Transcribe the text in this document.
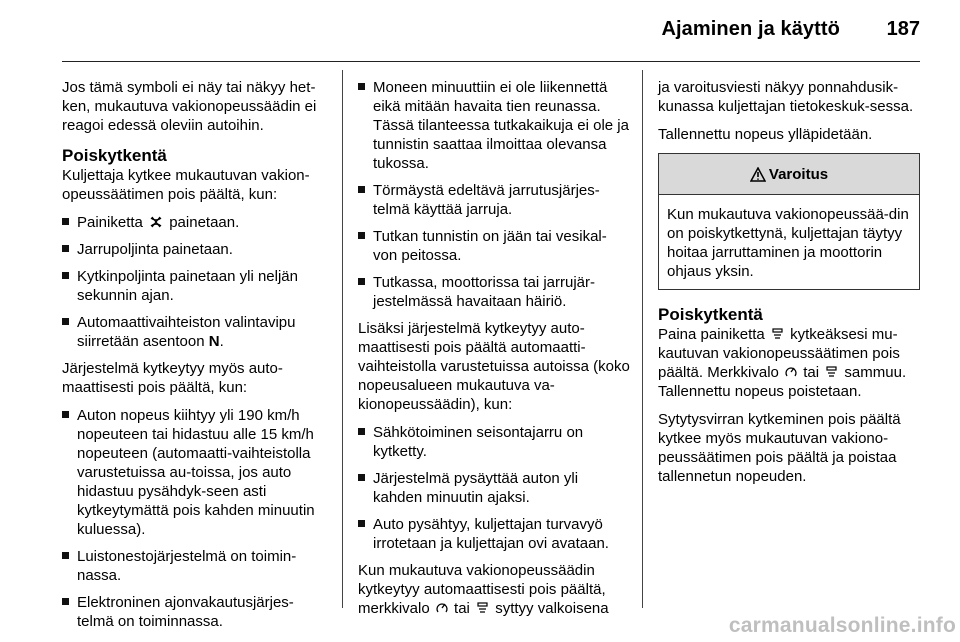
Ajaminen ja käyttö 187

Jos tämä symboli ei näy tai näkyy het-ken, mukautuva vakionopeussäädin ei reagoi edessä oleviin autoihin.

Poiskytkentä

Kuljettaja kytkee mukautuvan vakion-opeussäätimen pois päältä, kun:

Painiketta painetaan.
Jarrupoljinta painetaan.
Kytkinpoljinta painetaan yli neljän sekunnin ajan.
Automaattivaihteiston valintavipu siirretään asentoon N.

Järjestelmä kytkeytyy myös auto-maattisesti pois päältä, kun:

Auton nopeus kiihtyy yli 190 km/h nopeuteen tai hidastuu alle 15 km/h nopeuteen (automaatti-vaihteistolla varustetuissa au-toissa, jos auto hidastuu pysähdyk-seen asti kytkeytymättä pois kahden minuutin kuluessa).
Luistonestojärjestelmä on toimin-nassa.
Elektroninen ajonvakautusjärjes-telmä on toiminnassa.
Moneen minuuttiin ei ole liikennettä eikä mitään havaita tien reunassa. Tässä tilanteessa tutkakaikuja ei ole ja tunnistin saattaa ilmoittaa olevansa tukossa.
Törmäystä edeltävä jarrutusjärjes-telmä käyttää jarruja.
Tutkan tunnistin on jään tai vesikal-von peitossa.
Tutkassa, moottorissa tai jarrujär-jestelmässä havaitaan häiriö.

Lisäksi järjestelmä kytkeytyy auto-maattisesti pois päältä automaatti-vaihteistolla varustetuissa autoissa (koko nopeusalueen mukautuva va-kionopeussäädin), kun:

Sähkötoiminen seisontajarru on kytketty.
Järjestelmä pysäyttää auton yli kahden minuutin ajaksi.
Auto pysähtyy, kuljettajan turvavyö irrotetaan ja kuljettajan ovi avataan.

Kun mukautuva vakionopeussäädin kytkeytyy automaattisesti pois päältä, merkkivalo tai syttyy valkoisena

ja varoitusviesti näkyy ponnahdusik-kunassa kuljettajan tietokeskuk-sessa.

Tallennettu nopeus ylläpidetään.

Varoitus
Kun mukautuva vakionopeussää-din on poiskytkettynä, kuljettajan täytyy hoitaa jarruttaminen ja moottorin ohjaus yksin.
Poiskytkentä

Paina painiketta kytkeäksesi mu-kautuvan vakionopeussäätimen pois päältä. Merkkivalo tai sammuu. Tallennettu nopeus poistetaan.

Sytytysvirran kytkeminen pois päältä kytkee myös mukautuvan vakiono-peussäätimen pois päältä ja poistaa tallennetun nopeuden.

carmanualsonline.info
